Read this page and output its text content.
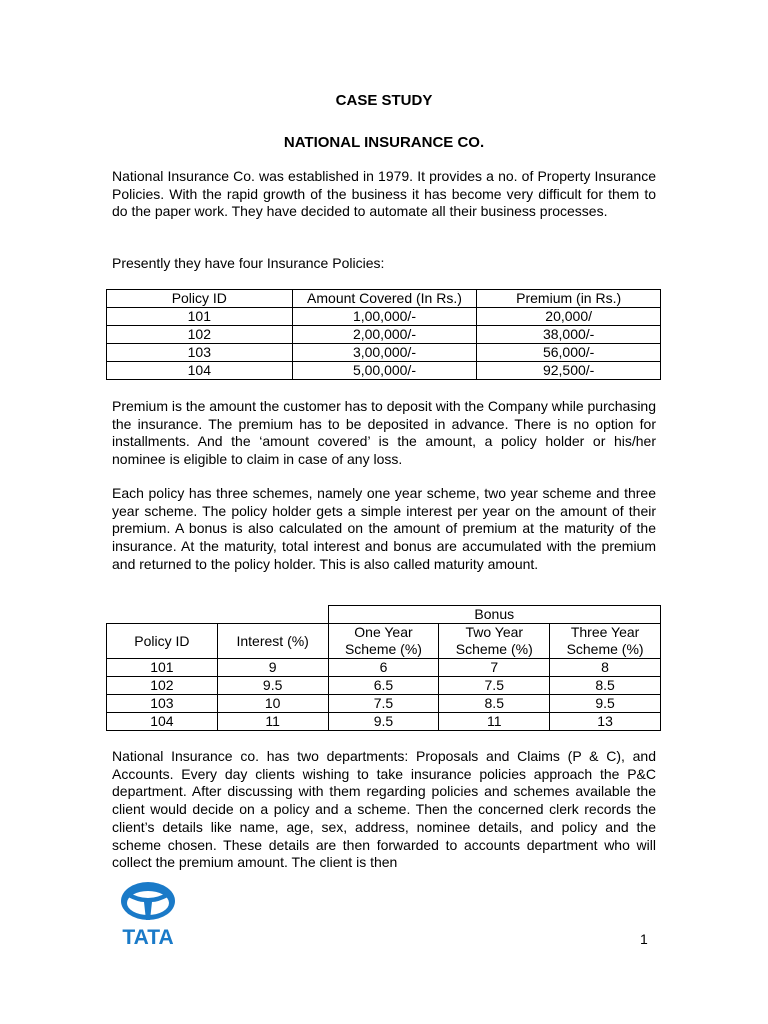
CASE STUDY
NATIONAL INSURANCE CO.

National Insurance Co. was established in 1979. It provides a no. of Property Insurance Policies. With the rapid growth of the business it has become very difficult for them to do the paper work. They have decided to automate all their business processes.

Presently they have four Insurance Policies:

Policy ID	Amount Covered (In Rs.)	Premium (in Rs.)
101	1,00,000/-	20,000/
102	2,00,000/-	38,000/-
103	3,00,000/-	56,000/-
104	5,00,000/-	92,500/-

Premium is the amount the customer has to deposit with the Company while purchasing the insurance. The premium has to be deposited in advance. There is no option for installments. And the ‘amount covered’ is the amount, a policy holder or his/her nominee is eligible to claim in case of any loss.

Each policy has three schemes, namely one year scheme, two year scheme and three year scheme. The policy holder gets a simple interest per year on the amount of their premium. A bonus is also calculated on the amount of premium at the maturity of the insurance. At the maturity, total interest and bonus are accumulated with the premium and returned to the policy holder. This is also called maturity amount.

		Bonus		
Policy ID	Interest (%)	One Year Scheme (%)	Two Year Scheme (%)	Three Year Scheme (%)
101	9	6	7	8
102	9.5	6.5	7.5	8.5
103	10	7.5	8.5	9.5
104	11	9.5	11	13

National Insurance co. has two departments: Proposals and Claims (P & C), and Accounts. Every day clients wishing to take insurance policies approach the P&C department. After discussing with them regarding policies and schemes available the client would decide on a policy and a scheme. Then the concerned clerk records the client’s details like name, age, sex, address, nominee details, and policy and the scheme chosen. These details are then forwarded to accounts department who will collect the premium amount. The client is then

TATA	1
